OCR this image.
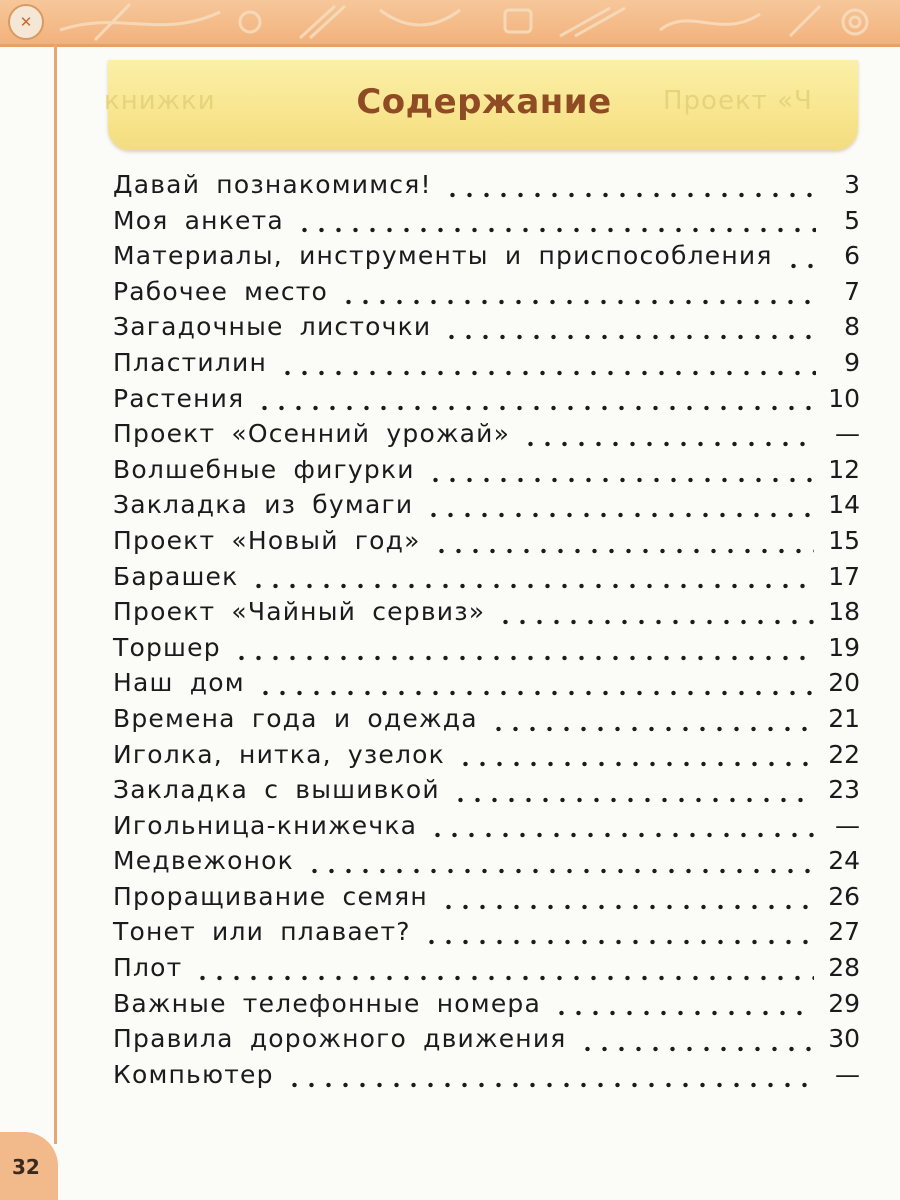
✕
книжки	Проект «Ч
Содержание
Давай познакомимся!	3
Моя анкета	5
Материалы, инструменты и приспособления	6
Рабочее место	7
Загадочные листочки	8
Пластилин	9
Растения	10
Проект «Осенний урожай»	—
Волшебные фигурки	12
Закладка из бумаги	14
Проект «Новый год»	15
Барашек	17
Проект «Чайный сервиз»	18
Торшер	19
Наш дом	20
Времена года и одежда	21
Иголка, нитка, узелок	22
Закладка с вышивкой	23
Игольница-книжечка	—
Медвежонок	24
Проращивание семян	26
Тонет или плавает?	27
Плот	28
Важные телефонные номера	29
Правила дорожного движения	30
Компьютер	—
32
